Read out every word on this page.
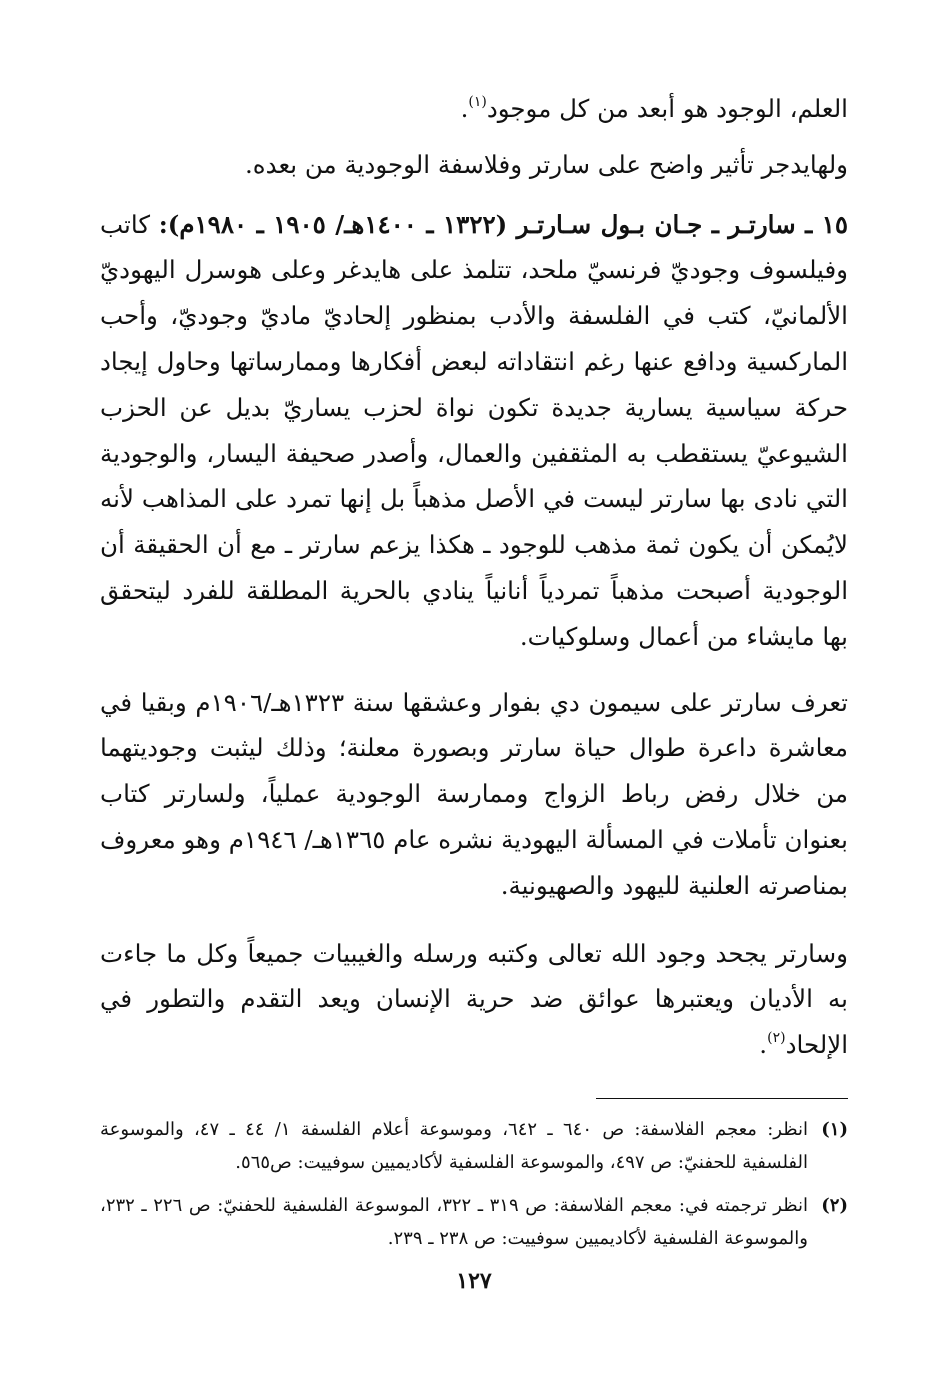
العلم، الوجود هو أبعد من كل موجود$^{(١)}$.

ولهايدجر تأثير واضح على سارتر وفلاسفة الوجودية من بعده.

١٥ ـ سارتـر ـ جـان بـول سـارتـر (١٣٢٢ ـ ١٤٠٠هـ/ ١٩٠٥ ـ ١٩٨٠م): كاتب وفيلسوف وجوديّ فرنسيّ ملحد، تتلمذ على هايدغر وعلى هوسرل اليهوديّ الألمانيّ، كتب في الفلسفة والأدب بمنظور إلحاديّ ماديّ وجوديّ، وأحب الماركسية ودافع عنها رغم انتقاداته لبعض أفكارها وممارساتها وحاول إيجاد حركة سياسية يسارية جديدة تكون نواة لحزب يساريّ بديل عن الحزب الشيوعيّ يستقطب به المثقفين والعمال، وأصدر صحيفة اليسار، والوجودية التي نادى بها سارتر ليست في الأصل مذهباً بل إنها تمرد على المذاهب لأنه لايُمكن أن يكون ثمة مذهب للوجود ـ هكذا يزعم سارتر ـ مع أن الحقيقة أن الوجودية أصبحت مذهباً تمردياً أنانياً ينادي بالحرية المطلقة للفرد ليتحقق بها مايشاء من أعمال وسلوكيات.

تعرف سارتر على سيمون دي بفوار وعشقها سنة ١٣٢٣هـ/١٩٠٦م وبقيا في معاشرة داعرة طوال حياة سارتر وبصورة معلنة؛ وذلك ليثبت وجوديتهما من خلال رفض رباط الزواج وممارسة الوجودية عملياً، ولسارتر كتاب بعنوان تأملات في المسألة اليهودية نشره عام ١٣٦٥هـ/ ١٩٤٦م وهو معروف بمناصرته العلنية لليهود والصهيونية.

وسارتر يجحد وجود الله تعالى وكتبه ورسله والغيبيات جميعاً وكل ما جاءت به الأديان ويعتبرها عوائق ضد حرية الإنسان ويعد التقدم والتطور في الإلحاد$^{(٢)}$.

(١)
انظر: معجم الفلاسفة: ص ٦٤٠ ـ ٦٤٢، وموسوعة أعلام الفلسفة ١/ ٤٤ ـ ٤٧، والموسوعة الفلسفية للحفنيّ: ص ٤٩٧، والموسوعة الفلسفية لأكاديميين سوفييت: ص٥٦٥.
(٢)
انظر ترجمته في: معجم الفلاسفة: ص ٣١٩ ـ ٣٢٢، الموسوعة الفلسفية للحفنيّ: ص ٢٢٦ ـ ٢٣٢، والموسوعة الفلسفية لأكاديميين سوفييت: ص ٢٣٨ ـ ٢٣٩.
١٢٧
